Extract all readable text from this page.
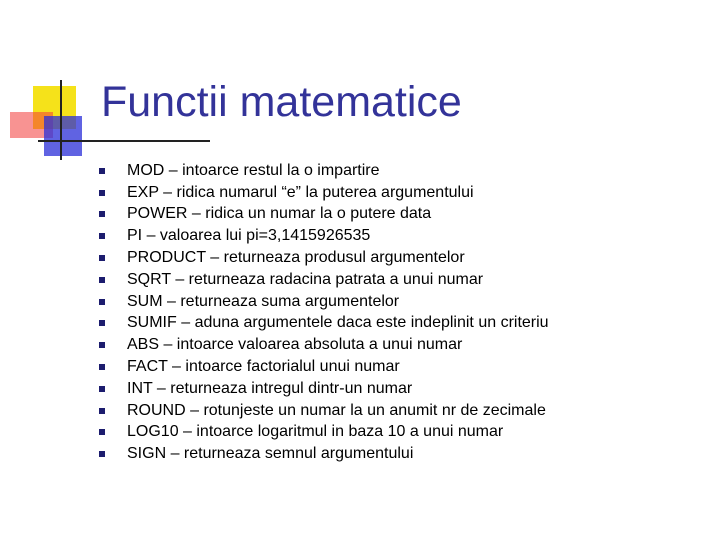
Functii matematice
MOD – intoarce restul la o impartire
EXP – ridica numarul “e” la puterea argumentului
POWER – ridica un numar la o putere data
PI – valoarea lui pi=3,1415926535
PRODUCT – returneaza produsul argumentelor
SQRT – returneaza radacina patrata a unui numar
SUM – returneaza suma argumentelor
SUMIF – aduna argumentele daca este indeplinit un criteriu
ABS – intoarce valoarea absoluta a unui numar
FACT – intoarce factorialul unui numar
INT – returneaza intregul dintr-un numar
ROUND – rotunjeste un numar la un anumit nr de zecimale
LOG10 – intoarce logaritmul in baza 10 a unui numar
SIGN – returneaza semnul argumentului
